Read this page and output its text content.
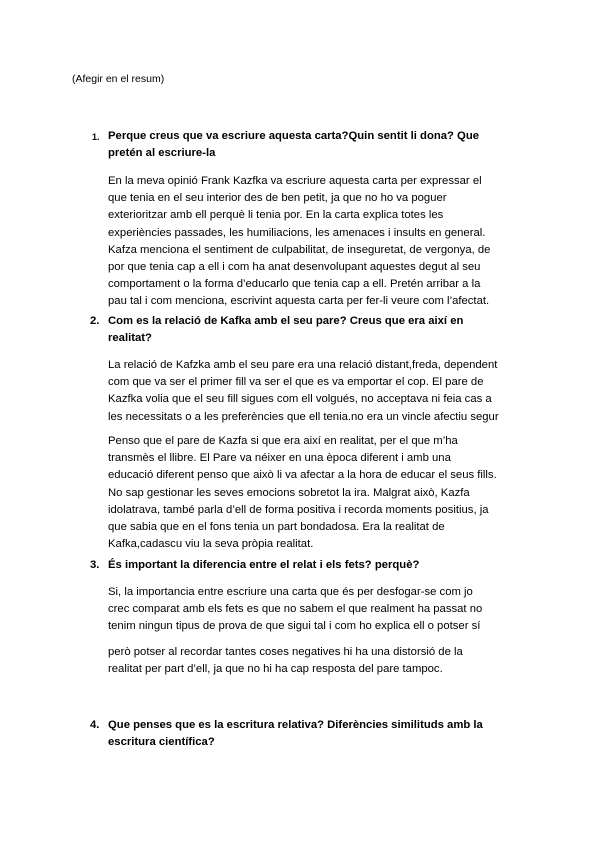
(Afegir en el resum)
1. Perque creus que va escriure aquesta carta?Quin sentit li dona? Que
pretén al escriure-la
En la meva opinió Frank Kazfka va escriure aquesta carta per expressar el
que tenia en el seu interior des de ben petit, ja que no ho va poguer
exterioritzar amb ell perquè li tenia por. En la carta explica totes les
experiències passades, les humiliacions, les amenaces i insults en general.
Kafza menciona el sentiment de culpabilitat, de inseguretat, de vergonya, de
por que tenia cap a ell i com ha anat desenvolupant aquestes degut al seu
comportament o la forma d’educarlo que tenia cap a ell. Pretén arribar a la
pau tal i com menciona, escrivint aquesta carta per fer-li veure com l’afectat.
2. Com es la relació de Kafka amb el seu pare? Creus que era així en
realitat?
La relació de Kafzka amb el seu pare era una relació distant,freda, dependent
com que va ser el primer fill va ser el que es va emportar el cop. El pare de
Kazfka volia que el seu fill sigues com ell volgués, no acceptava ni feia cas a
les necessitats o a les preferències que ell tenia.no era un vincle afectiu segur
Penso que el pare de Kazfa si que era així en realitat, per el que m’ha
transmès el llibre. El Pare va néixer en una època diferent i amb una
educació diferent penso que això li va afectar a la hora de educar el seus fills.
No sap gestionar les seves emocions sobretot la ira. Malgrat això, Kazfa
idolatrava, també parla d’ell de forma positiva i recorda moments positius, ja
que sabia que en el fons tenia un part bondadosa. Era la realitat de
Kafka,cadascu viu la seva pròpia realitat.
3. És important la diferencia entre el relat i els fets? perquè?
Si, la importancia entre escriure una carta que és per desfogar-se com jo
crec comparat amb els fets es que no sabem el que realment ha passat no
tenim ningun tipus de prova de que sigui tal i com ho explica ell o potser sí
però potser al recordar tantes coses negatives hi ha una distorsió de la
realitat per part d’ell, ja que no hi ha cap resposta del pare tampoc.
4. Que penses que es la escritura relativa? Diferències similituds amb la
escritura científica?
